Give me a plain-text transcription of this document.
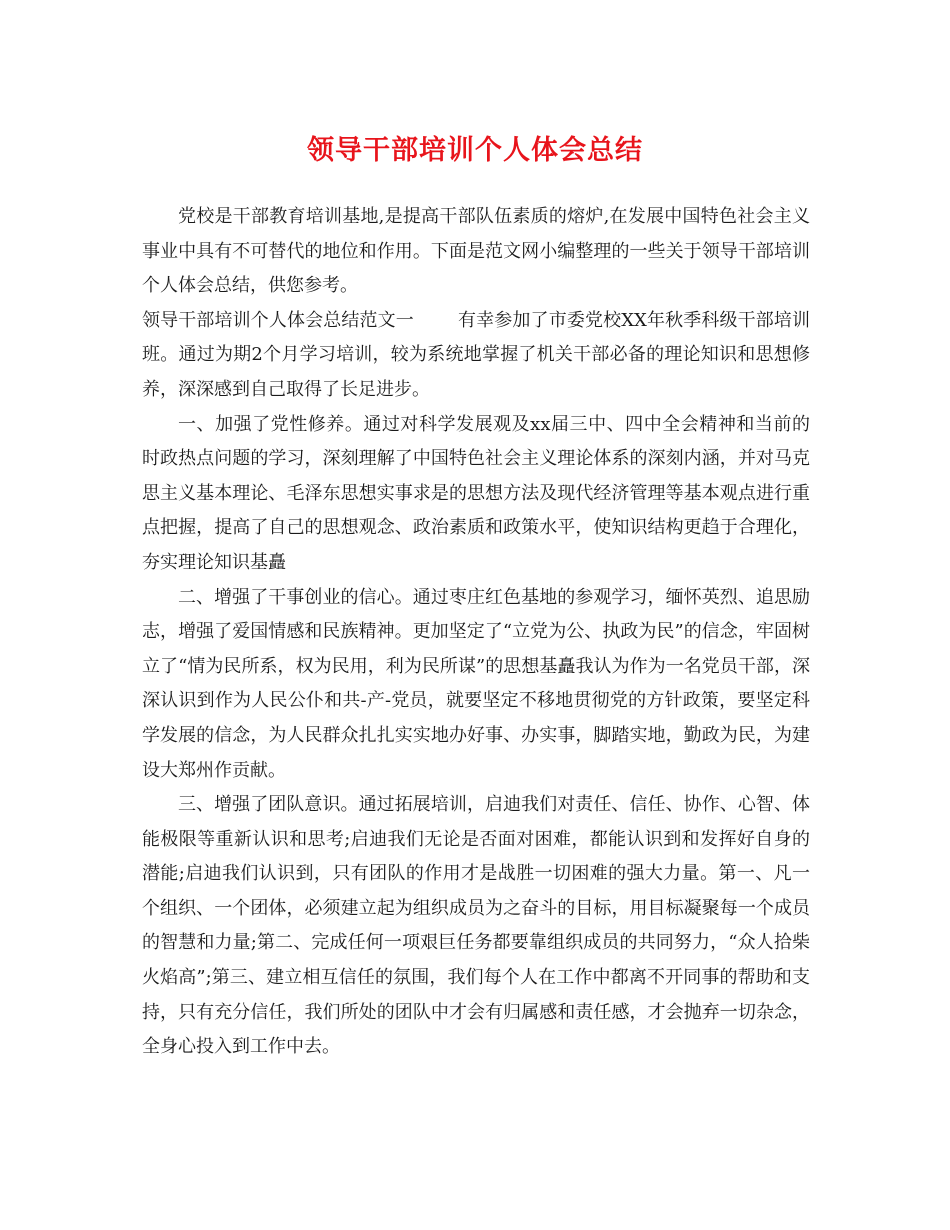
领导干部培训个人体会总结

党校是干部教育培训基地,是提高干部队伍素质的熔炉,在发展中国特色社会主义事业中具有不可替代的地位和作用。下面是范文网小编整理的一些关于领导干部培训个人体会总结，供您参考。

领导干部培训个人体会总结范文一 有幸参加了市委党校XX年秋季科级干部培训班。通过为期2个月学习培训，较为系统地掌握了机关干部必备的理论知识和思想修养，深深感到自己取得了长足进步。

一、加强了党性修养。通过对科学发展观及xx届三中、四中全会精神和当前的时政热点问题的学习，深刻理解了中国特色社会主义理论体系的深刻内涵，并对马克思主义基本理论、毛泽东思想实事求是的思想方法及现代经济管理等基本观点进行重点把握，提高了自己的思想观念、政治素质和政策水平，使知识结构更趋于合理化，夯实理论知识基矗

二、增强了干事创业的信心。通过枣庄红色基地的参观学习，缅怀英烈、追思励志，增强了爱国情感和民族精神。更加坚定了“立党为公、执政为民”的信念，牢固树立了“情为民所系，权为民用，利为民所谋”的思想基矗我认为作为一名党员干部，深深认识到作为人民公仆和共-产-党员，就要坚定不移地贯彻党的方针政策，要坚定科学发展的信念，为人民群众扎扎实实地办好事、办实事，脚踏实地，勤政为民，为建设大郑州作贡献。

三、增强了团队意识。通过拓展培训，启迪我们对责任、信任、协作、心智、体能极限等重新认识和思考;启迪我们无论是否面对困难，都能认识到和发挥好自身的潜能;启迪我们认识到，只有团队的作用才是战胜一切困难的强大力量。第一、凡一个组织、一个团体，必须建立起为组织成员为之奋斗的目标，用目标凝聚每一个成员的智慧和力量;第二、完成任何一项艰巨任务都要靠组织成员的共同努力，“众人拾柴火焰高”;第三、建立相互信任的氛围，我们每个人在工作中都离不开同事的帮助和支持，只有充分信任，我们所处的团队中才会有归属感和责任感，才会抛弃一切杂念，全身心投入到工作中去。
